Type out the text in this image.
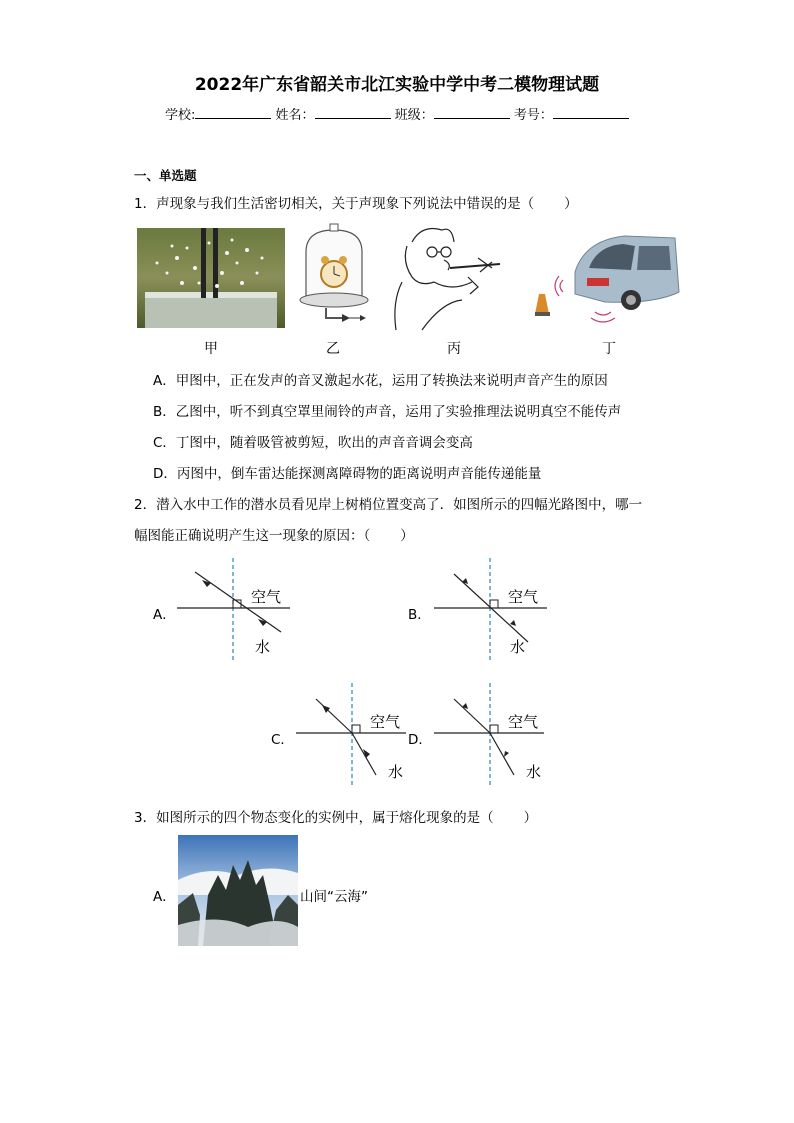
2022年广东省韶关市北江实验中学中考二模物理试题
学校:	姓名：	班级：	考号：
一、单选题
1．声现象与我们生活密切相关，关于声现象下列说法中错误的是（ ）
甲	乙	丙	丁
A．甲图中，正在发声的音叉激起水花，运用了转换法来说明声音产生的原因
B．乙图中，听不到真空罩里闹铃的声音，运用了实验推理法说明真空不能传声
C．丁图中，随着吸管被剪短，吹出的声音音调会变高
D．丙图中，倒车雷达能探测离障碍物的距离说明声音能传递能量
2．潜入水中工作的潜水员看见岸上树梢位置变高了．如图所示的四幅光路图中，哪一
幅图能正确说明产生这一现象的原因：（ ）
A．
空气
水
B．
空气
水
C．
空气
水
D．
空气
水
3．如图所示的四个物态变化的实例中，属于熔化现象的是（ ）
A．	山间“云海”
